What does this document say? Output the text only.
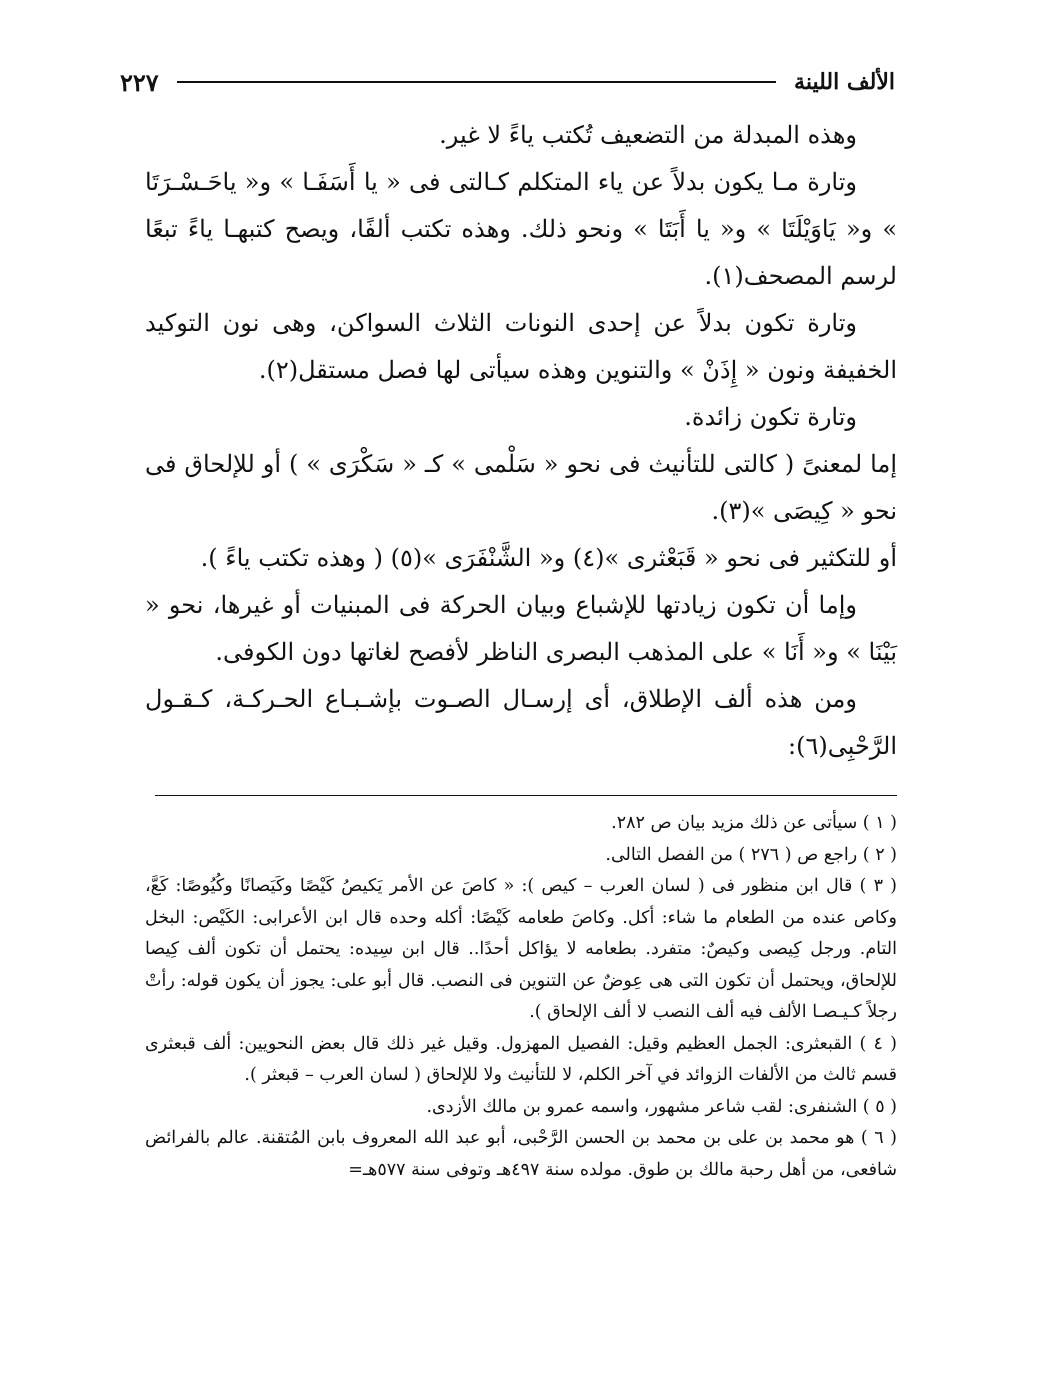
الألف اللينة
٢٢٧

وهذه المبدلة من التضعيف تُكتب ياءً لا غير.

وتارة مـا يكون بدلاً عن ياء المتكلم كـالتى فى « يا أَسَفَـا » و« ياحَـسْـرَتَا » و« يَاوَيْلَتَا » و« يا أَبَتَا » ونحو ذلك. وهذه تكتب ألفًا، ويصح كتبهـا ياءً تبعًا لرسم المصحف(١).

وتارة تكون بدلاً عن إحدى النونات الثلاث السواكن، وهى نون التوكيد الخفيفة ونون « إِذَنْ » والتنوين وهذه سيأتى لها فصل مستقل(٢).

وتارة تكون زائدة.

إما لمعنىً ( كالتى للتأنيث فى نحو « سَلْمى » كـ « سَكْرَى » ) أو للإلحاق فى نحو « كِيصَى »(٣).

أو للتكثير فى نحو « قَبَعْثرى »(٤) و« الشَّنْفَرَى »(٥) ( وهذه تكتب ياءً ).

وإما أن تكون زيادتها للإشباع وبيان الحركة فى المبنيات أو غيرها، نحو « بَيْنَا » و« أَنَا » على المذهب البصرى الناظر لأفصح لغاتها دون الكوفى.

ومن هذه ألف الإطلاق، أى إرسـال الصـوت بإشـبـاع الحـركـة، كـقـول الرَّحْبِى(٦):

( ١ ) سيأتى عن ذلك مزيد بيان ص ٢٨٢.

( ٢ ) راجع ص ( ٢٧٦ ) من الفصل التالى.

( ٣ ) قال ابن منظور فى ( لسان العرب – كيص ): « كاصَ عن الأمر يَكيصُ كَيْصًا وكَيَصانًا وكُيُوصًا: كَعَّ، وكاص عنده من الطعام ما شاء: أكل. وكاصَ طعامه كَيْصًا: أكله وحده قال ابن الأعرابى: الكَيْص: البخل التام. ورجل كِيصى وكيصٌ: متفرد. بطعامه لا يؤاكل أحدًا.. قال ابن سِيده: يحتمل أن تكون ألف كِيصا للإلحاق، ويحتمل أن تكون التى هى عِوضٌ عن التنوين فى النصب. قال أبو على: يجوز أن يكون قوله: رأتْ رجلاً كـيـصـا الألف فيه ألف النصب لا ألف الإلحاق ).

( ٤ ) القبعثرى: الجمل العظيم وقيل: الفصيل المهزول. وقيل غير ذلك قال بعض النحويين: ألف قبعثرى قسم ثالث من الألفات الزوائد في آخر الكلم، لا للتأنيث ولا للإلحاق ( لسان العرب – قبعثر ).

( ٥ ) الشنفرى: لقب شاعر مشهور، واسمه عمرو بن مالك الأزدى.

( ٦ ) هو محمد بن على بن محمد بن الحسن الرَّحْبى، أبو عبد الله المعروف بابن المُتقنة. عالم بالفرائض شافعى، من أهل رحبة مالك بن طوق. مولده سنة ٤٩٧هـ وتوفى سنة ٥٧٧هـ=
